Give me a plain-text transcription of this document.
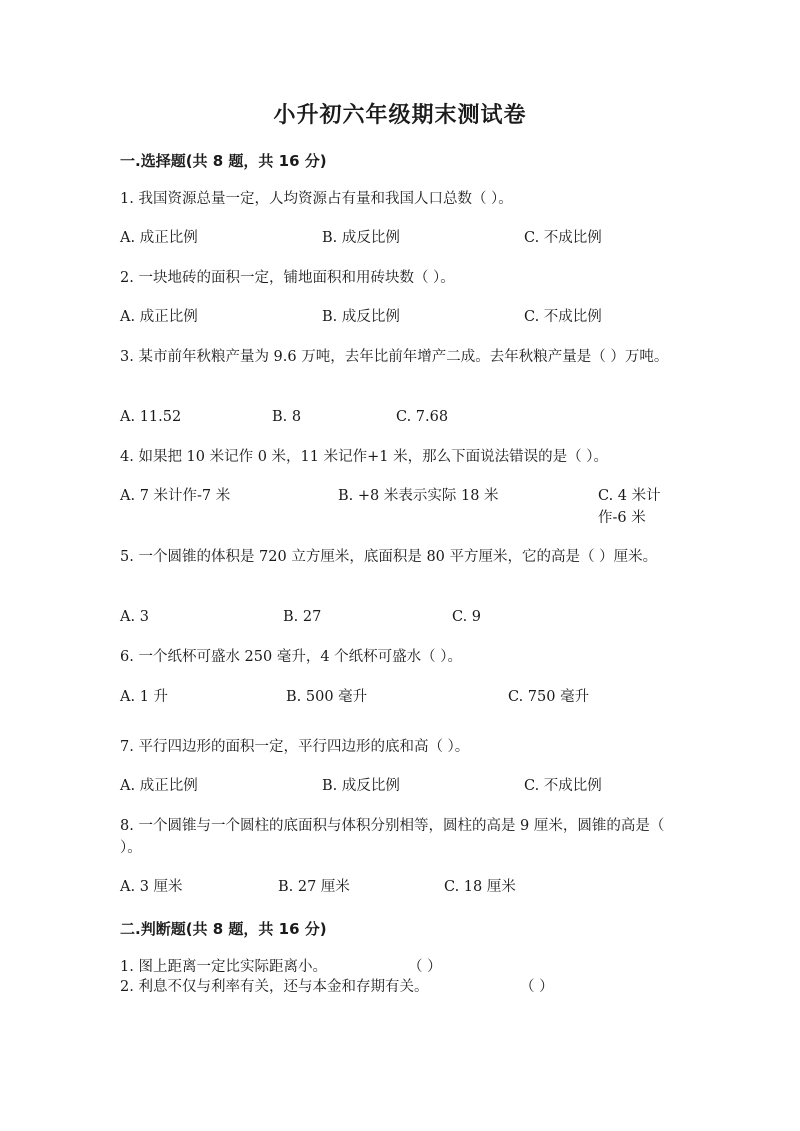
小升初六年级期末测试卷
一.选择题(共 8 题，共 16 分)
1. 我国资源总量一定，人均资源占有量和我国人口总数（ ）。
A. 成正比例	B. 成反比例	C. 不成比例
2. 一块地砖的面积一定，铺地面积和用砖块数（ ）。
A. 成正比例	B. 成反比例	C. 不成比例
3. 某市前年秋粮产量为 9.6 万吨，去年比前年增产二成。去年秋粮产量是（ ）万吨。
A. 11.52	B. 8	C. 7.68
4. 如果把 10 米记作 0 米，11 米记作+1 米，那么下面说法错误的是（ ）。
A. 7 米计作-7 米	B. +8 米表示实际 18 米	C. 4 米计作-6 米
5. 一个圆锥的体积是 720 立方厘米，底面积是 80 平方厘米，它的高是（ ）厘米。
A. 3	B. 27	C. 9
6. 一个纸杯可盛水 250 毫升，4 个纸杯可盛水（ ）。
A. 1 升	B. 500 毫升	C. 750 毫升
7. 平行四边形的面积一定，平行四边形的底和高（ ）。
A. 成正比例	B. 成反比例	C. 不成比例
8. 一个圆锥与一个圆柱的底面积与体积分别相等，圆柱的高是 9 厘米，圆锥的高是（ ）。
A. 3 厘米	B. 27 厘米	C. 18 厘米
二.判断题(共 8 题，共 16 分)
1. 图上距离一定比实际距离小。	（ ）
2. 利息不仅与利率有关，还与本金和存期有关。	（ ）
